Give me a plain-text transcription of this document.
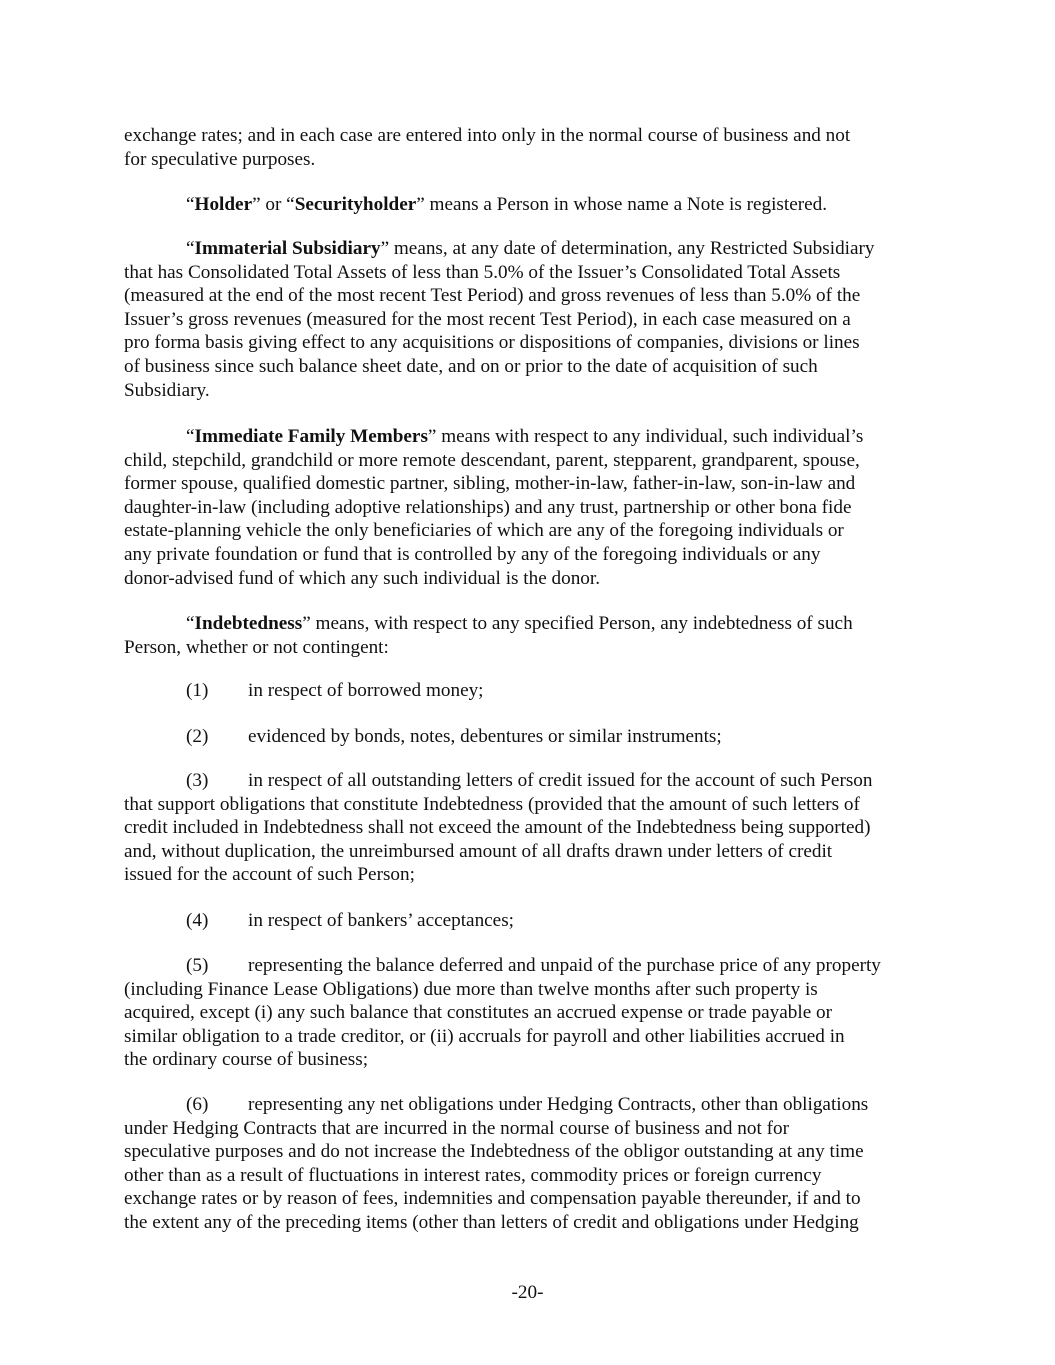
exchange rates; and in each case are entered into only in the normal course of business and not
for speculative purposes.
“Holder” or “Securityholder” means a Person in whose name a Note is registered.
“Immaterial Subsidiary” means, at any date of determination, any Restricted Subsidiary
that has Consolidated Total Assets of less than 5.0% of the Issuer’s Consolidated Total Assets
(measured at the end of the most recent Test Period) and gross revenues of less than 5.0% of the
Issuer’s gross revenues (measured for the most recent Test Period), in each case measured on a
pro forma basis giving effect to any acquisitions or dispositions of companies, divisions or lines
of business since such balance sheet date, and on or prior to the date of acquisition of such
Subsidiary.
“Immediate Family Members” means with respect to any individual, such individual’s
child, stepchild, grandchild or more remote descendant, parent, stepparent, grandparent, spouse,
former spouse, qualified domestic partner, sibling, mother-in-law, father-in-law, son-in-law and
daughter-in-law (including adoptive relationships) and any trust, partnership or other bona fide
estate-planning vehicle the only beneficiaries of which are any of the foregoing individuals or
any private foundation or fund that is controlled by any of the foregoing individuals or any
donor-advised fund of which any such individual is the donor.
“Indebtedness” means, with respect to any specified Person, any indebtedness of such
Person, whether or not contingent:
(1) in respect of borrowed money;
(2) evidenced by bonds, notes, debentures or similar instruments;
(3) in respect of all outstanding letters of credit issued for the account of such Person
that support obligations that constitute Indebtedness (provided that the amount of such letters of
credit included in Indebtedness shall not exceed the amount of the Indebtedness being supported)
and, without duplication, the unreimbursed amount of all drafts drawn under letters of credit
issued for the account of such Person;
(4) in respect of bankers’ acceptances;
(5) representing the balance deferred and unpaid of the purchase price of any property
(including Finance Lease Obligations) due more than twelve months after such property is
acquired, except (i) any such balance that constitutes an accrued expense or trade payable or
similar obligation to a trade creditor, or (ii) accruals for payroll and other liabilities accrued in
the ordinary course of business;
(6) representing any net obligations under Hedging Contracts, other than obligations
under Hedging Contracts that are incurred in the normal course of business and not for
speculative purposes and do not increase the Indebtedness of the obligor outstanding at any time
other than as a result of fluctuations in interest rates, commodity prices or foreign currency
exchange rates or by reason of fees, indemnities and compensation payable thereunder, if and to
the extent any of the preceding items (other than letters of credit and obligations under Hedging
-20-
